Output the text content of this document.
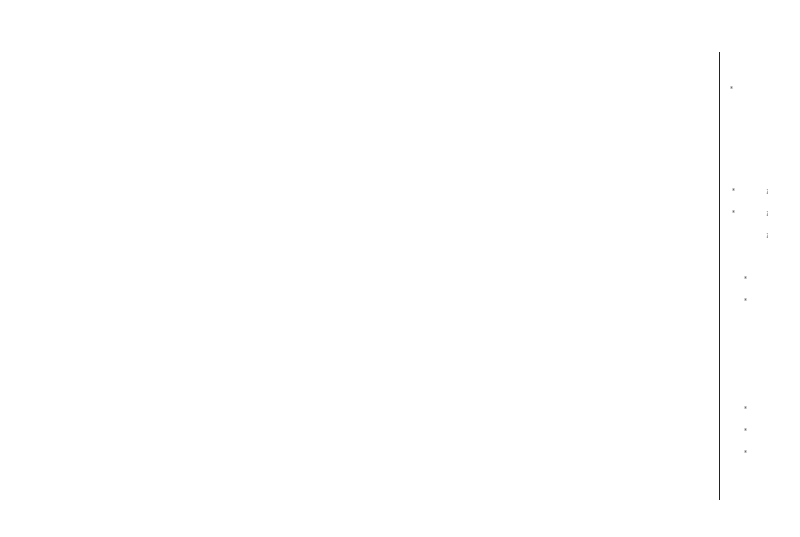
*
*	¡
*	¡
¡
*
*
*
*
*
